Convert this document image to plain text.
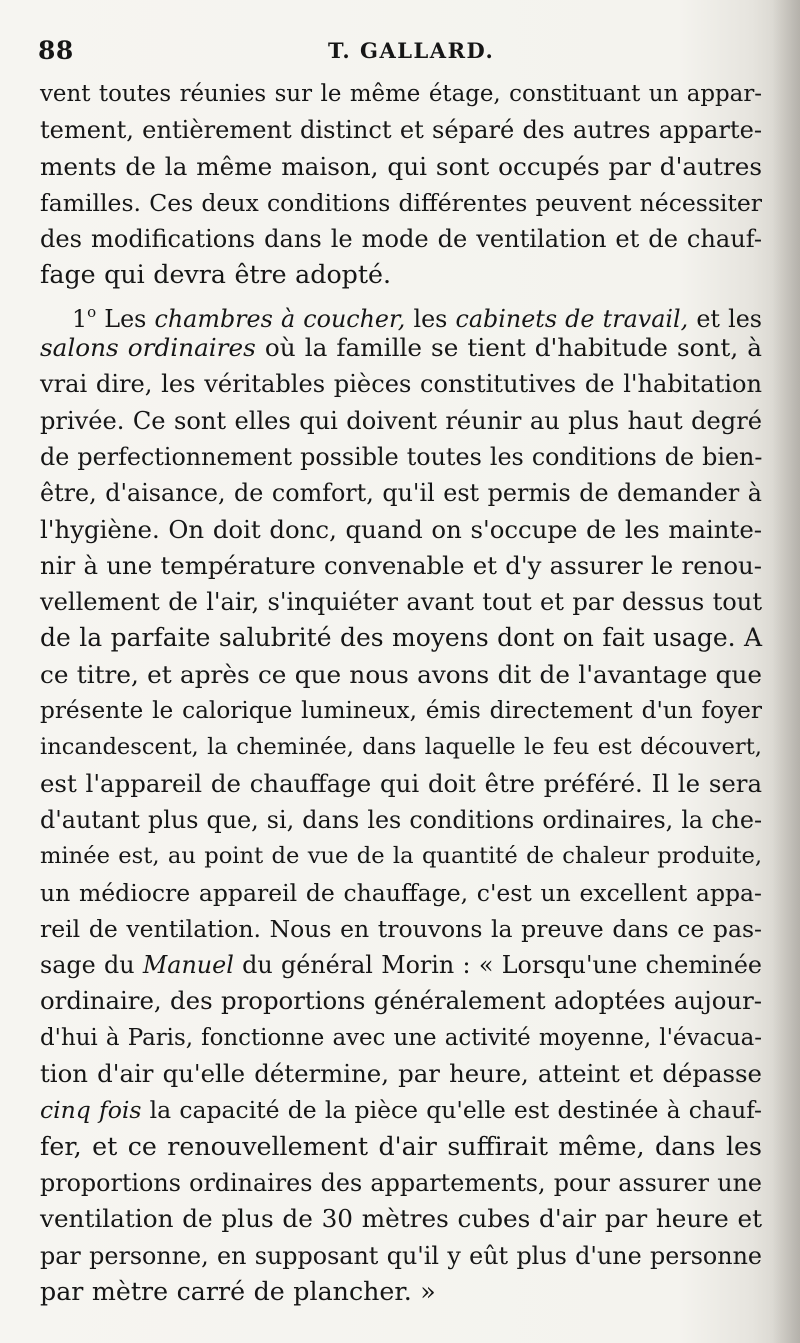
88	T. GALLARD.
vent toutes réunies sur le même étage, constituant un appar-
tement, entièrement distinct et séparé des autres apparte-
ments de la même maison, qui sont occupés par d'autres
familles. Ces deux conditions différentes peuvent nécessiter
des modifications dans le mode de ventilation et de chauf-
fage qui devra être adopté.
1$^o$ Les chambres à coucher, les cabinets de travail, et les
salons ordinaires où la famille se tient d'habitude sont, à
vrai dire, les véritables pièces constitutives de l'habitation
privée. Ce sont elles qui doivent réunir au plus haut degré
de perfectionnement possible toutes les conditions de bien-
être, d'aisance, de comfort, qu'il est permis de demander à
l'hygiène. On doit donc, quand on s'occupe de les mainte-
nir à une température convenable et d'y assurer le renou-
vellement de l'air, s'inquiéter avant tout et par dessus tout
de la parfaite salubrité des moyens dont on fait usage. A
ce titre, et après ce que nous avons dit de l'avantage que
présente le calorique lumineux, émis directement d'un foyer
incandescent, la cheminée, dans laquelle le feu est découvert,
est l'appareil de chauffage qui doit être préféré. Il le sera
d'autant plus que, si, dans les conditions ordinaires, la che-
minée est, au point de vue de la quantité de chaleur produite,
un médiocre appareil de chauffage, c'est un excellent appa-
reil de ventilation. Nous en trouvons la preuve dans ce pas-
sage du Manuel du général Morin : « Lorsqu'une cheminée
ordinaire, des proportions généralement adoptées aujour-
d'hui à Paris, fonctionne avec une activité moyenne, l'évacua-
tion d'air qu'elle détermine, par heure, atteint et dépasse
cinq fois la capacité de la pièce qu'elle est destinée à chauf-
fer, et ce renouvellement d'air suffirait même, dans les
proportions ordinaires des appartements, pour assurer une
ventilation de plus de 30 mètres cubes d'air par heure et
par personne, en supposant qu'il y eût plus d'une personne
par mètre carré de plancher. »
